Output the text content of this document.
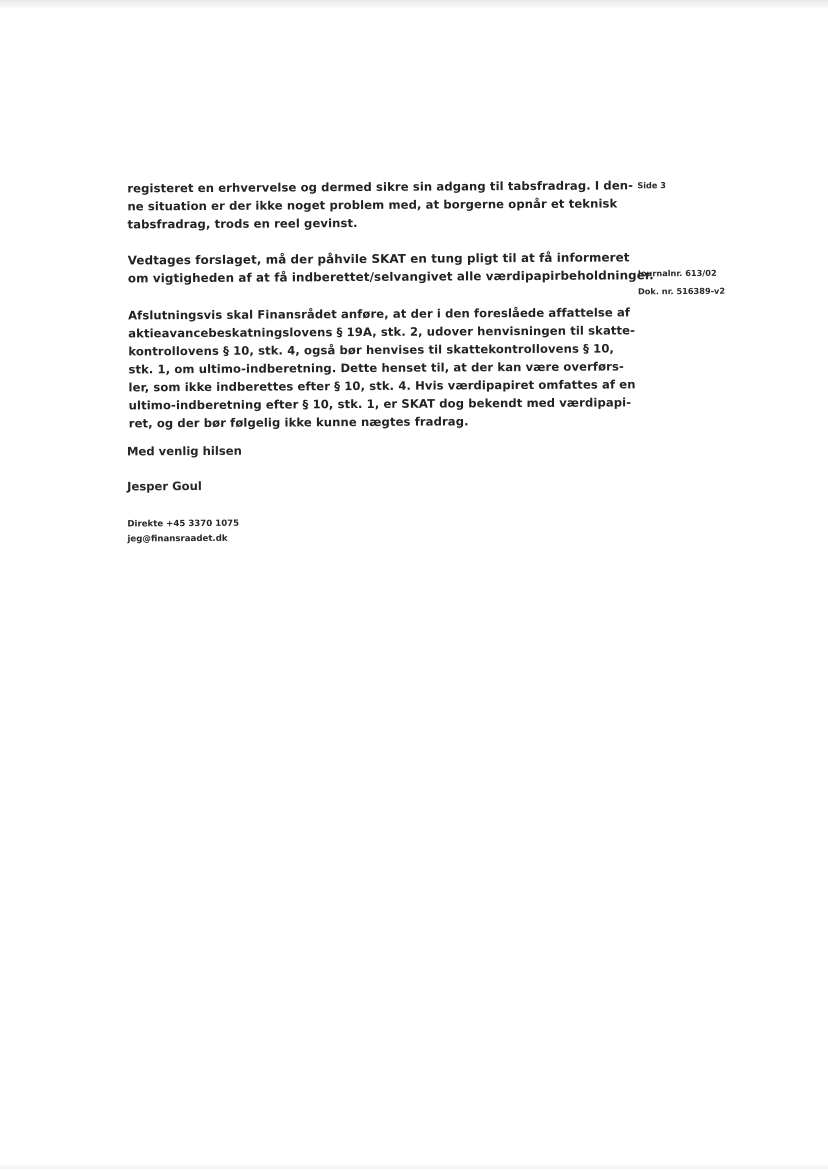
registeret en erhvervelse og dermed sikre sin adgang til tabsfradrag. I den-
ne situation er der ikke noget problem med, at borgerne opnår et teknisk
tabsfradrag, trods en reel gevinst.

Vedtages forslaget, må der påhvile SKAT en tung pligt til at få informeret
om vigtigheden af at få indberettet/selvangivet alle værdipapirbeholdninger.

Afslutningsvis skal Finansrådet anføre, at der i den foreslåede affattelse af
aktieavancebeskatningslovens § 19A, stk. 2, udover henvisningen til skatte-
kontrollovens § 10, stk. 4, også bør henvises til skattekontrollovens § 10,
stk. 1, om ultimo-indberetning. Dette henset til, at der kan være overførs-
ler, som ikke indberettes efter § 10, stk. 4. Hvis værdipapiret omfattes af en
ultimo-indberetning efter § 10, stk. 1, er SKAT dog bekendt med værdipapi-
ret, og der bør følgelig ikke kunne nægtes fradrag.

Med venlig hilsen

Jesper Goul

Direkte +45 3370 1075
jeg@finansraadet.dk

Side 3
Journalnr. 613/02
Dok. nr. 516389-v2
